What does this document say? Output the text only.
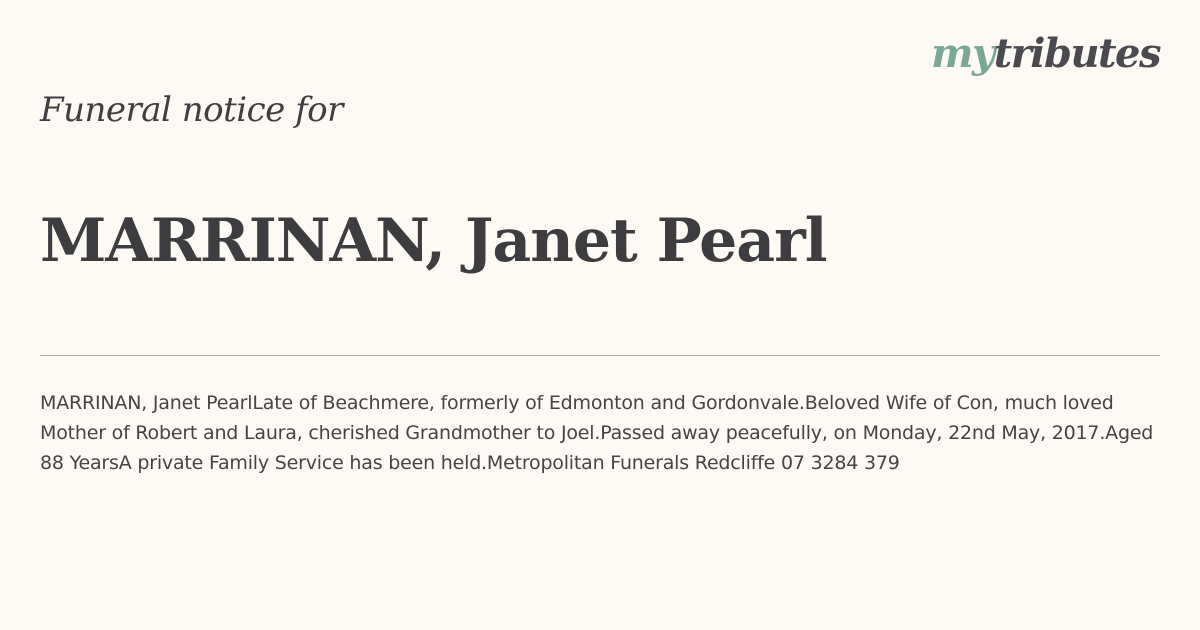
mytributes
Funeral notice for
MARRINAN, Janet Pearl
MARRINAN, Janet PearlLate of Beachmere, formerly of Edmonton and Gordonvale.Beloved Wife of Con, much loved Mother of Robert and Laura, cherished Grandmother to Joel.Passed away peacefully, on Monday, 22nd May, 2017.Aged 88 YearsA private Family Service has been held.Metropolitan Funerals Redcliffe 07 3284 379
